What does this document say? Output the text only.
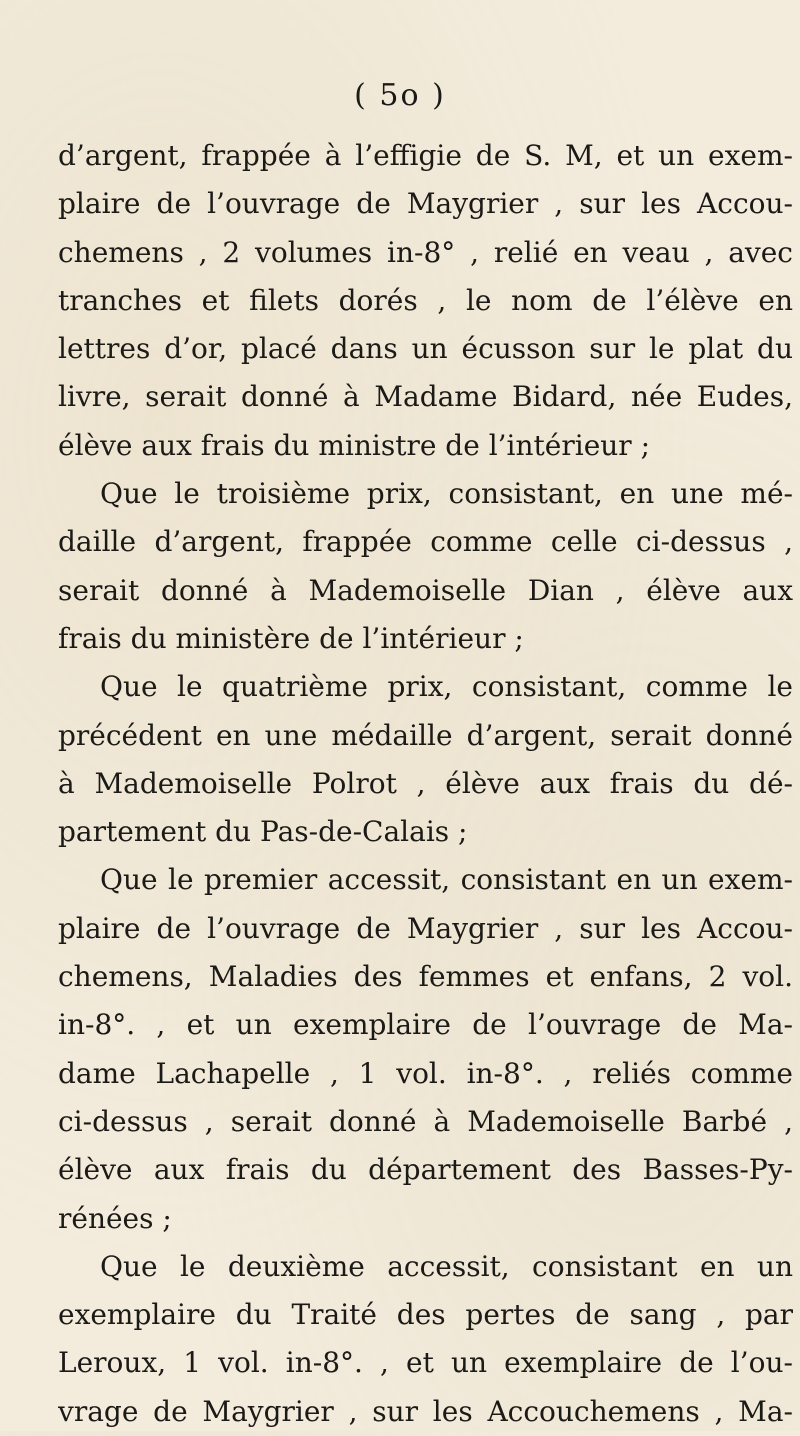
( 5o )
d’argent, frappée à l’effigie de S. M, et un exem-
plaire de l’ouvrage de Maygrier , sur les Accou-
chemens , 2 volumes in-8° , relié en veau , avec
tranches et filets dorés , le nom de l’élève en
lettres d’or, placé dans un écusson sur le plat du
livre, serait donné à Madame Bidard, née Eudes,
élève aux frais du ministre de l’intérieur ;
Que le troisième prix, consistant, en une mé-
daille d’argent, frappée comme celle ci-dessus ,
serait donné à Mademoiselle Dian , élève aux
frais du ministère de l’intérieur ;
Que le quatrième prix, consistant, comme le
précédent en une médaille d’argent, serait donné
à Mademoiselle Polrot , élève aux frais du dé-
partement du Pas-de-Calais ;
Que le premier accessit, consistant en un exem-
plaire de l’ouvrage de Maygrier , sur les Accou-
chemens, Maladies des femmes et enfans, 2 vol.
in-8°. , et un exemplaire de l’ouvrage de Ma-
dame Lachapelle , 1 vol. in-8°. , reliés comme
ci-dessus , serait donné à Mademoiselle Barbé ,
élève aux frais du département des Basses-Py-
rénées ;
Que le deuxième accessit, consistant en un
exemplaire du Traité des pertes de sang , par
Leroux, 1 vol. in-8°. , et un exemplaire de l’ou-
vrage de Maygrier , sur les Accouchemens , Ma-
